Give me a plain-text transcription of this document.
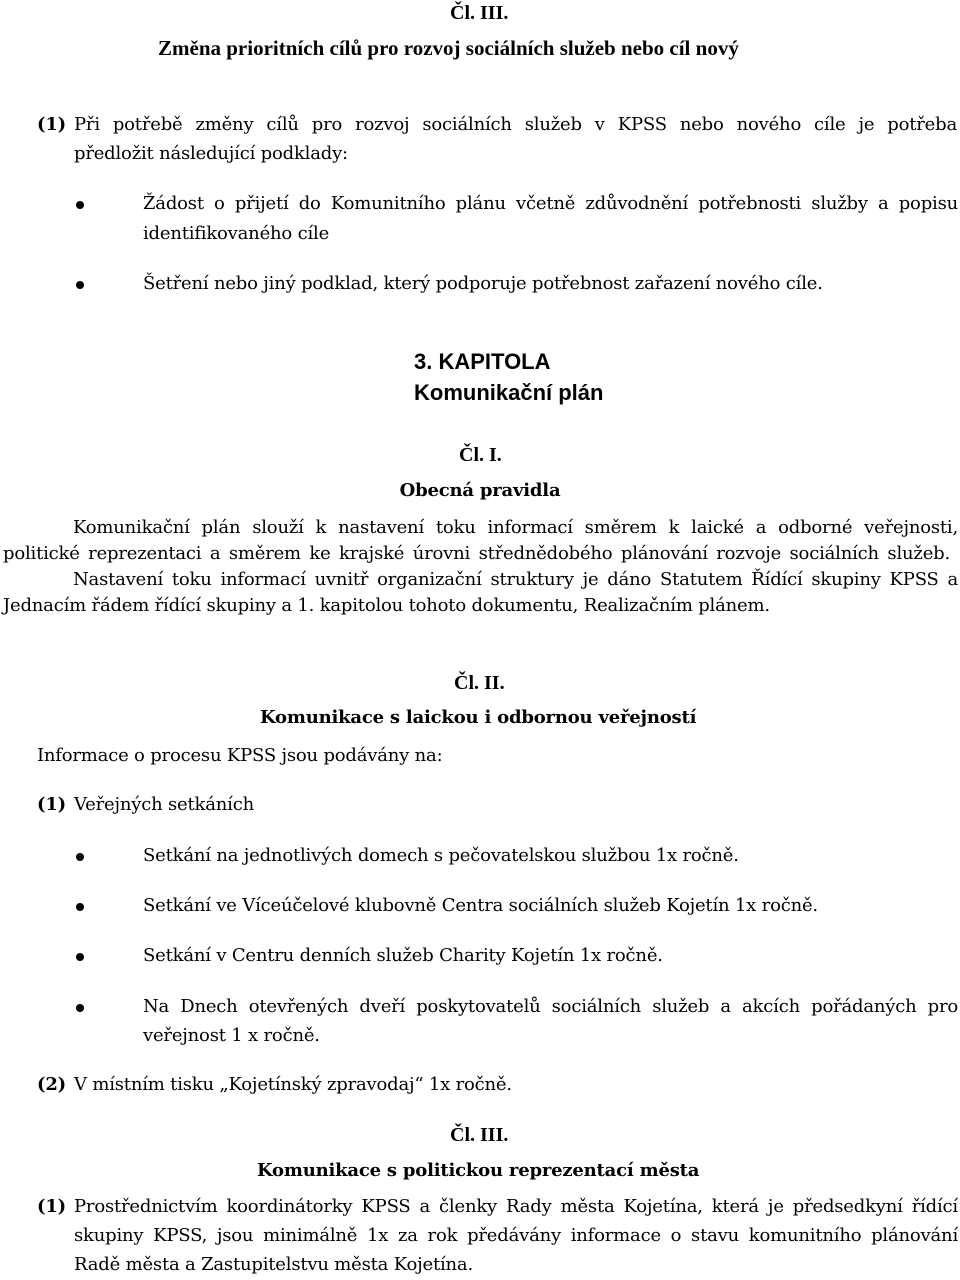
Čl. III.
Změna prioritních cílů pro rozvoj sociálních služeb nebo cíl nový
(1) Při potřebě změny cílů pro rozvoj sociálních služeb v KPSS nebo nového cíle je potřeba
předložit následující podklady:
Žádost o přijetí do Komunitního plánu včetně zdůvodnění potřebnosti služby a popisu
identifikovaného cíle
Šetření nebo jiný podklad, který podporuje potřebnost zařazení nového cíle.
3. KAPITOLA
Komunikační plán
Čl. I.
Obecná pravidla
Komunikační plán slouží k nastavení toku informací směrem k laické a odborné veřejnosti,
politické reprezentaci a směrem ke krajské úrovni střednědobého plánování rozvoje sociálních služeb.
Nastavení toku informací uvnitř organizační struktury je dáno Statutem Řídící skupiny KPSS a
Jednacím řádem řídící skupiny a 1. kapitolou tohoto dokumentu, Realizačním plánem.
Čl. II.
Komunikace s laickou i odbornou veřejností
Informace o procesu KPSS jsou podávány na:
(1) Veřejných setkáních
Setkání na jednotlivých domech s pečovatelskou službou 1x ročně.
Setkání ve Víceúčelové klubovně Centra sociálních služeb Kojetín 1x ročně.
Setkání v Centru denních služeb Charity Kojetín 1x ročně.
Na Dnech otevřených dveří poskytovatelů sociálních služeb a akcích pořádaných pro
veřejnost 1 x ročně.
(2) V místním tisku „Kojetínský zpravodaj“ 1x ročně.
Čl. III.
Komunikace s politickou reprezentací města
(1) Prostřednictvím koordinátorky KPSS a členky Rady města Kojetína, která je předsedkyní řídící
skupiny KPSS, jsou minimálně 1x za rok předávány informace o stavu komunitního plánování
Radě města a Zastupitelstvu města Kojetína.
